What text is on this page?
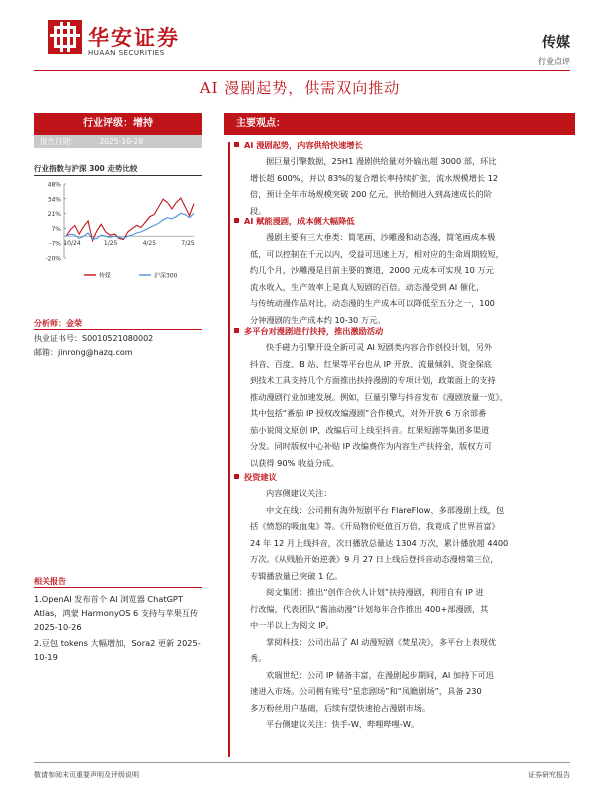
华安证券
HUAAN SECURITIES
传媒
行业点评
AI 漫剧起势，供需双向推动
行业评级：增持
报告日期：	2025-10-28
行业指数与沪深 300 走势比较
-20%
-7%
7%
21%
34%
48%
10/24	1/25	4/25	7/25
传媒	沪深300
分析师：金荣
执业证书号：S0010521080002
邮箱：jinrong@hazq.com
相关报告
1.OpenAI 发布首个 AI 浏览器 ChatGPT Atlas，鸿蒙 HarmonyOS 6 支持与苹果互传 2025-10-26
2.豆包 tokens 大幅增加，Sora2 更新 2025-10-19
主要观点：
AI 漫剧起势，内容供给快速增长
据巨量引擎数据，25H1 漫剧供给量对外输出超 3000 部，环比
增长超 600%，并以 83%的复合增长率持续扩张，流水规模增长 12
倍，预计全年市场规模突破 200 亿元，供给侧进入到高速成长的阶
段。
AI 赋能漫剧，成本侧大幅降低
漫剧主要有三大垂类：简笔画、沙雕漫和动态漫，简笔画成本极
低，可以控制在千元以内，受益可迅速上万，相对应的生命周期较短，
约几个月，沙雕漫是目前主要的赛道，2000 元成本可实现 10 万元
流水收入，生产效率上是真人短剧的百倍。动态漫受到 AI 催化，
与传统动漫作品对比，动态漫的生产成本可以降低至五分之一，100
分钟漫剧的生产成本约 10-30 万元。
多平台对漫剧进行扶持，推出激励活动
快手磁力引擎开设全新可灵 AI 短剧类内容合作创投计划，另外
抖音、百度、B 站、红果等平台也从 IP 开放、流量倾斜、资金保底
到技术工具支持几个方面推出扶持漫剧的专项计划，政策面上的支持
推动漫剧行业加速发展。例如，巨量引擎与抖音发布《漫剧放量一览》，
其中包括“番茄 IP 授权改编漫剧”合作模式，对外开放 6 万余部番
茄小说阅文原创 IP，改编后可上线至抖音。红果短剧等集团多渠道
分发。同时版权中心补贴 IP 改编费作为内容生产扶持金，版权方可
以获得 90% 收益分成。
投资建议
内容侧建议关注：
中文在线：公司拥有海外短剧平台 FlareFlow、多部漫剧上线，包
括《愤怒的吸血鬼》等。《开局物价贬值百万倍，我竟成了世界首富》
24 年 12 月上线抖音，次日播放总量达 1304 万次，累计播放超 4400
万次。《从贱胎开始逆袭》9 月 27 日上线后登抖音动态漫榜第三位，
专辑播放量已突破 1 亿。
阅文集团：推出“创作合伙人计划”扶持漫剧，利用自有 IP 进
行改编，代表团队“酱油动漫”计划每年合作推出 400+部漫剧，其
中一半以上为阅文 IP。
掌阅科技：公司出品了 AI 动漫短剧《焚星决》，多平台上表现优
秀。
欢瑞世纪：公司 IP 储备丰富，在漫剧起步期间，AI 加持下可迅
速进入市场。公司拥有账号“星恋剧场”和“凤瞻剧场”，具备 230
多万粉丝用户基础，后续有望快速抢占漫剧市场。
平台侧建议关注：快手-W，哔哩哔哩-W。
敬请参阅末页重要声明及评级说明	证券研究报告
